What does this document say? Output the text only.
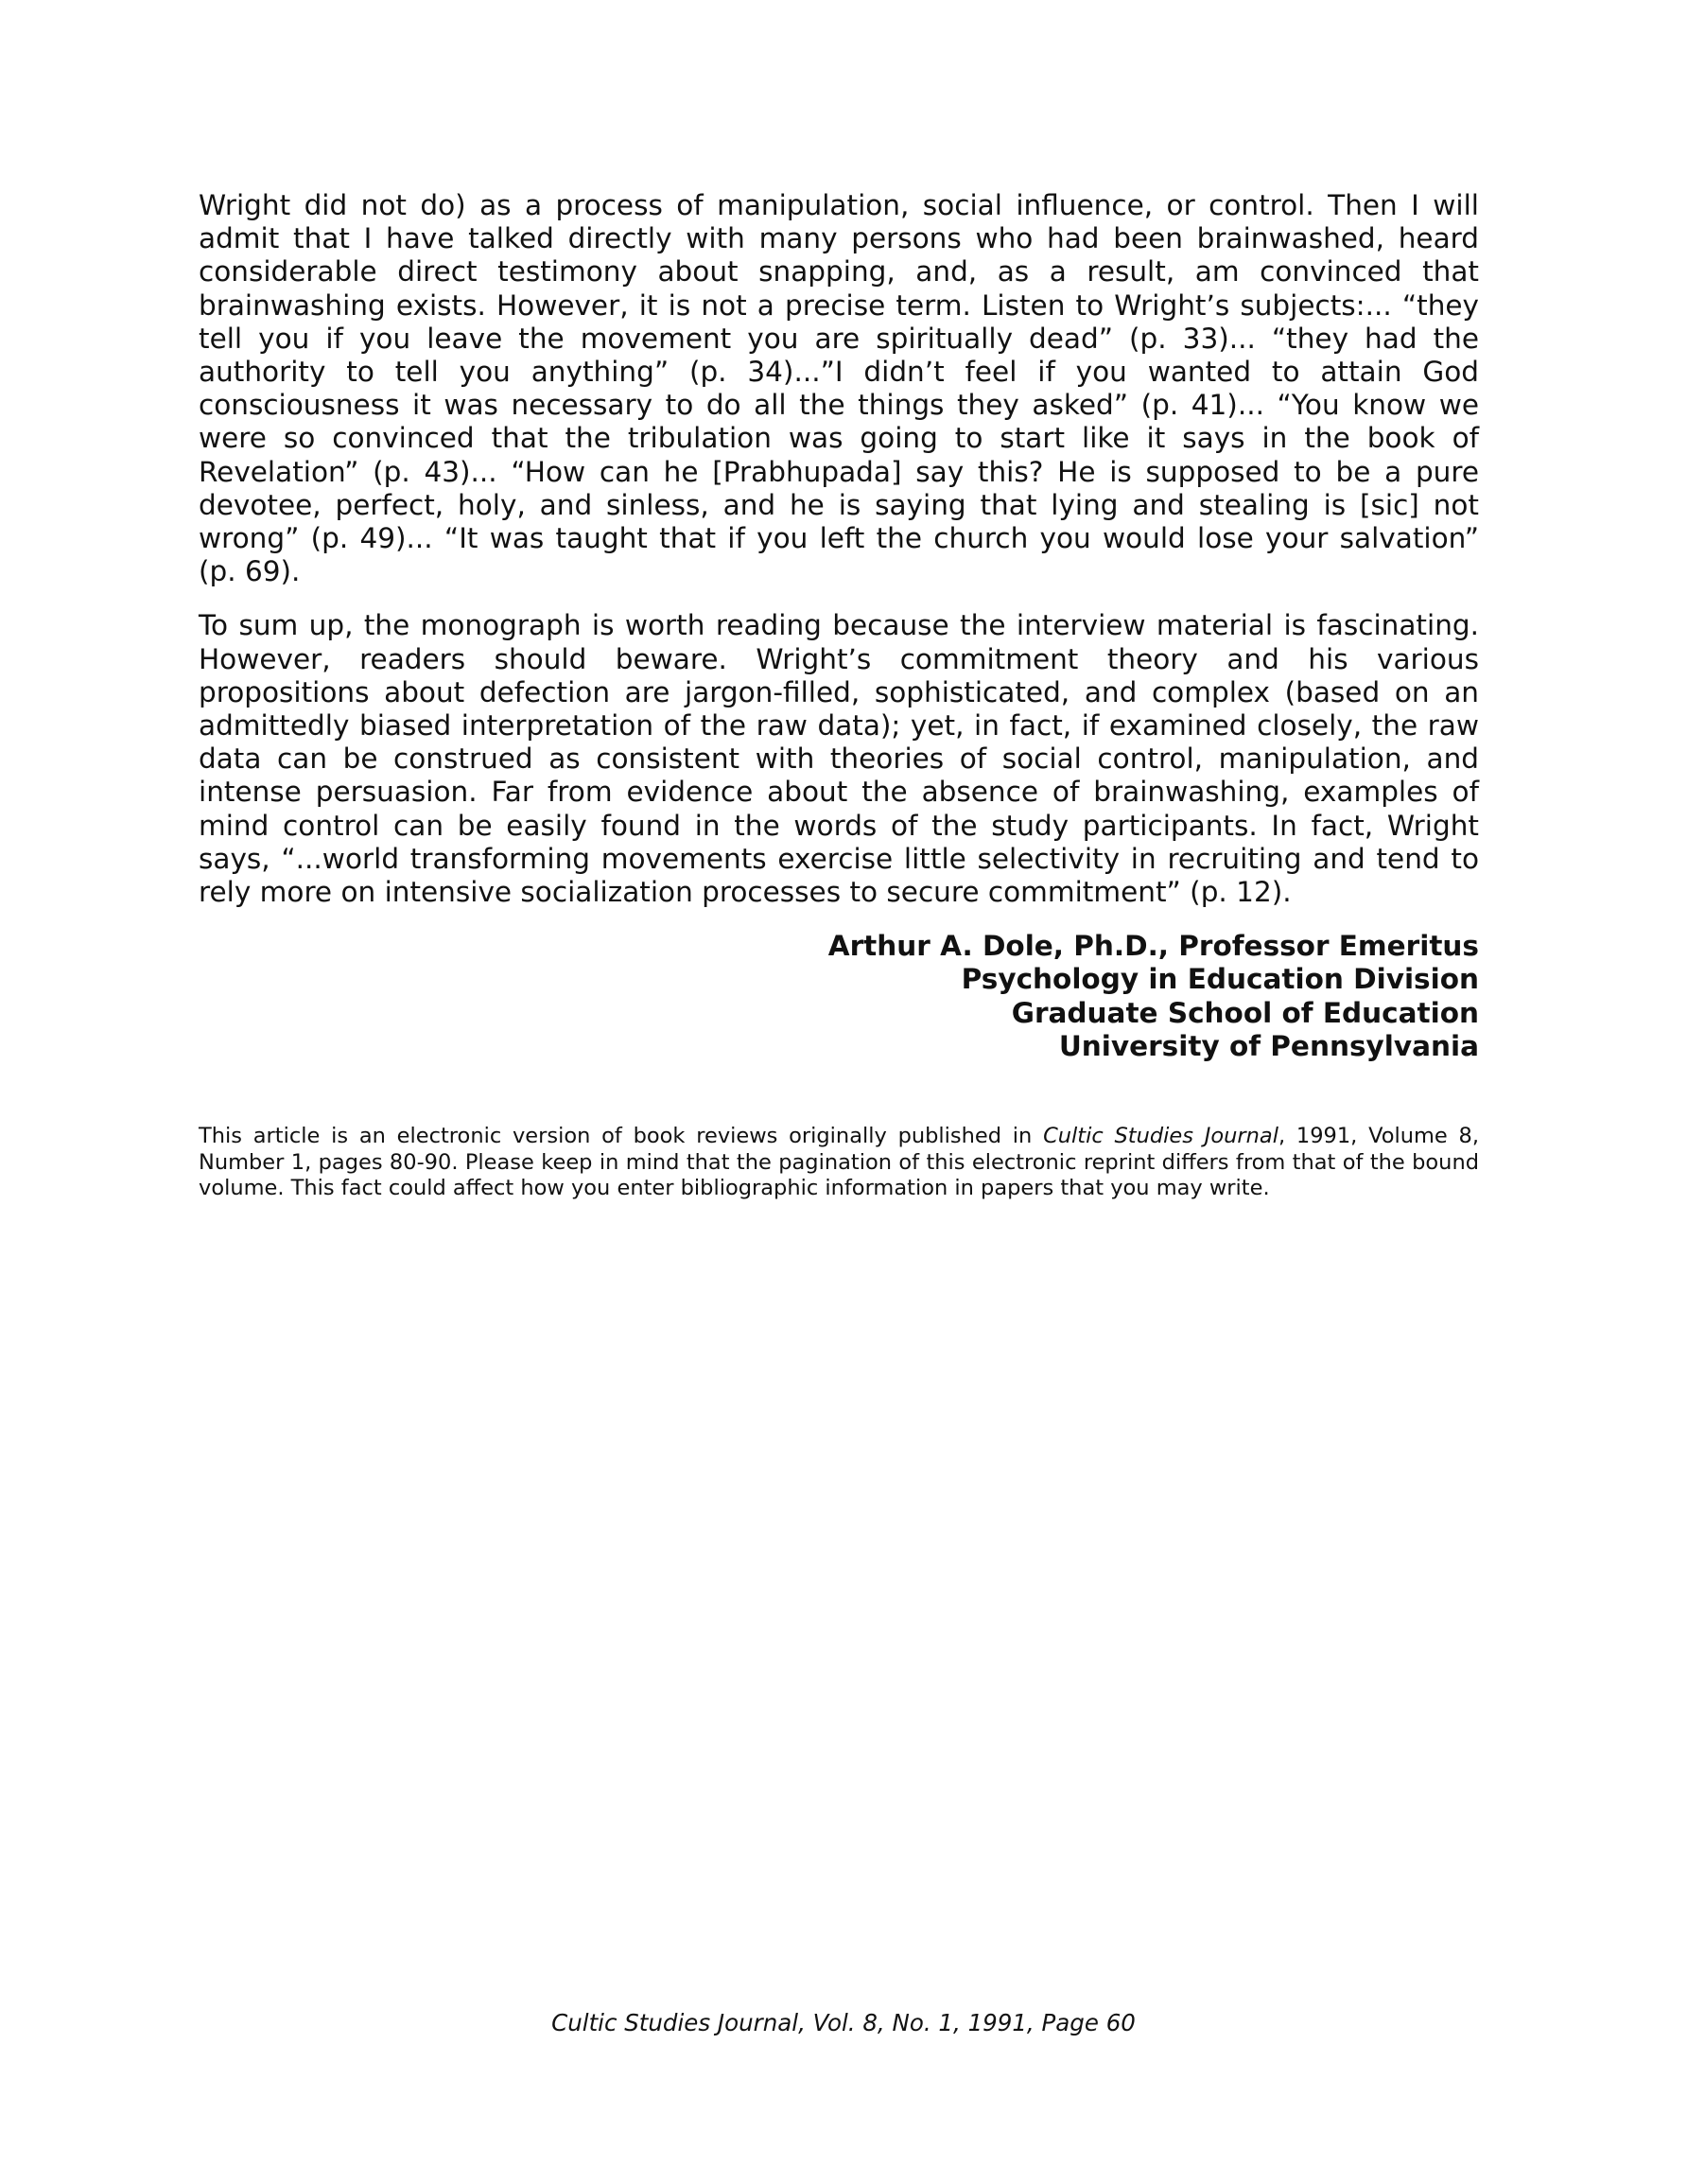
Wright did not do) as a process of manipulation, social influence, or control. Then I will admit that I have talked directly with many persons who had been brainwashed, heard considerable direct testimony about snapping, and, as a result, am convinced that brainwashing exists. However, it is not a precise term. Listen to Wright’s subjects:... “they tell you if you leave the movement you are spiritually dead” (p. 33)... “they had the authority to tell you anything” (p. 34)...”I didn’t feel if you wanted to attain God consciousness it was necessary to do all the things they asked” (p. 41)... “You know we were so convinced that the tribulation was going to start like it says in the book of Revelation” (p. 43)... “How can he [Prabhupada] say this? He is supposed to be a pure devotee, perfect, holy, and sinless, and he is saying that lying and stealing is [sic] not wrong” (p. 49)... “It was taught that if you left the church you would lose your salvation” (p. 69).

To sum up, the monograph is worth reading because the interview material is fascinating. However, readers should beware. Wright’s commitment theory and his various propositions about defection are jargon-filled, sophisticated, and complex (based on an admittedly biased interpretation of the raw data); yet, in fact, if examined closely, the raw data can be construed as consistent with theories of social control, manipulation, and intense persuasion. Far from evidence about the absence of brainwashing, examples of mind control can be easily found in the words of the study participants. In fact, Wright says, “...world transforming movements exercise little selectivity in recruiting and tend to rely more on intensive socialization processes to secure commitment” (p. 12).

Arthur A. Dole, Ph.D., Professor Emeritus
Psychology in Education Division
Graduate School of Education
University of Pennsylvania

This article is an electronic version of book reviews originally published in Cultic Studies Journal, 1991, Volume 8, Number 1, pages 80-90. Please keep in mind that the pagination of this electronic reprint differs from that of the bound volume. This fact could affect how you enter bibliographic information in papers that you may write.

Cultic Studies Journal, Vol. 8, No. 1, 1991, Page 60
